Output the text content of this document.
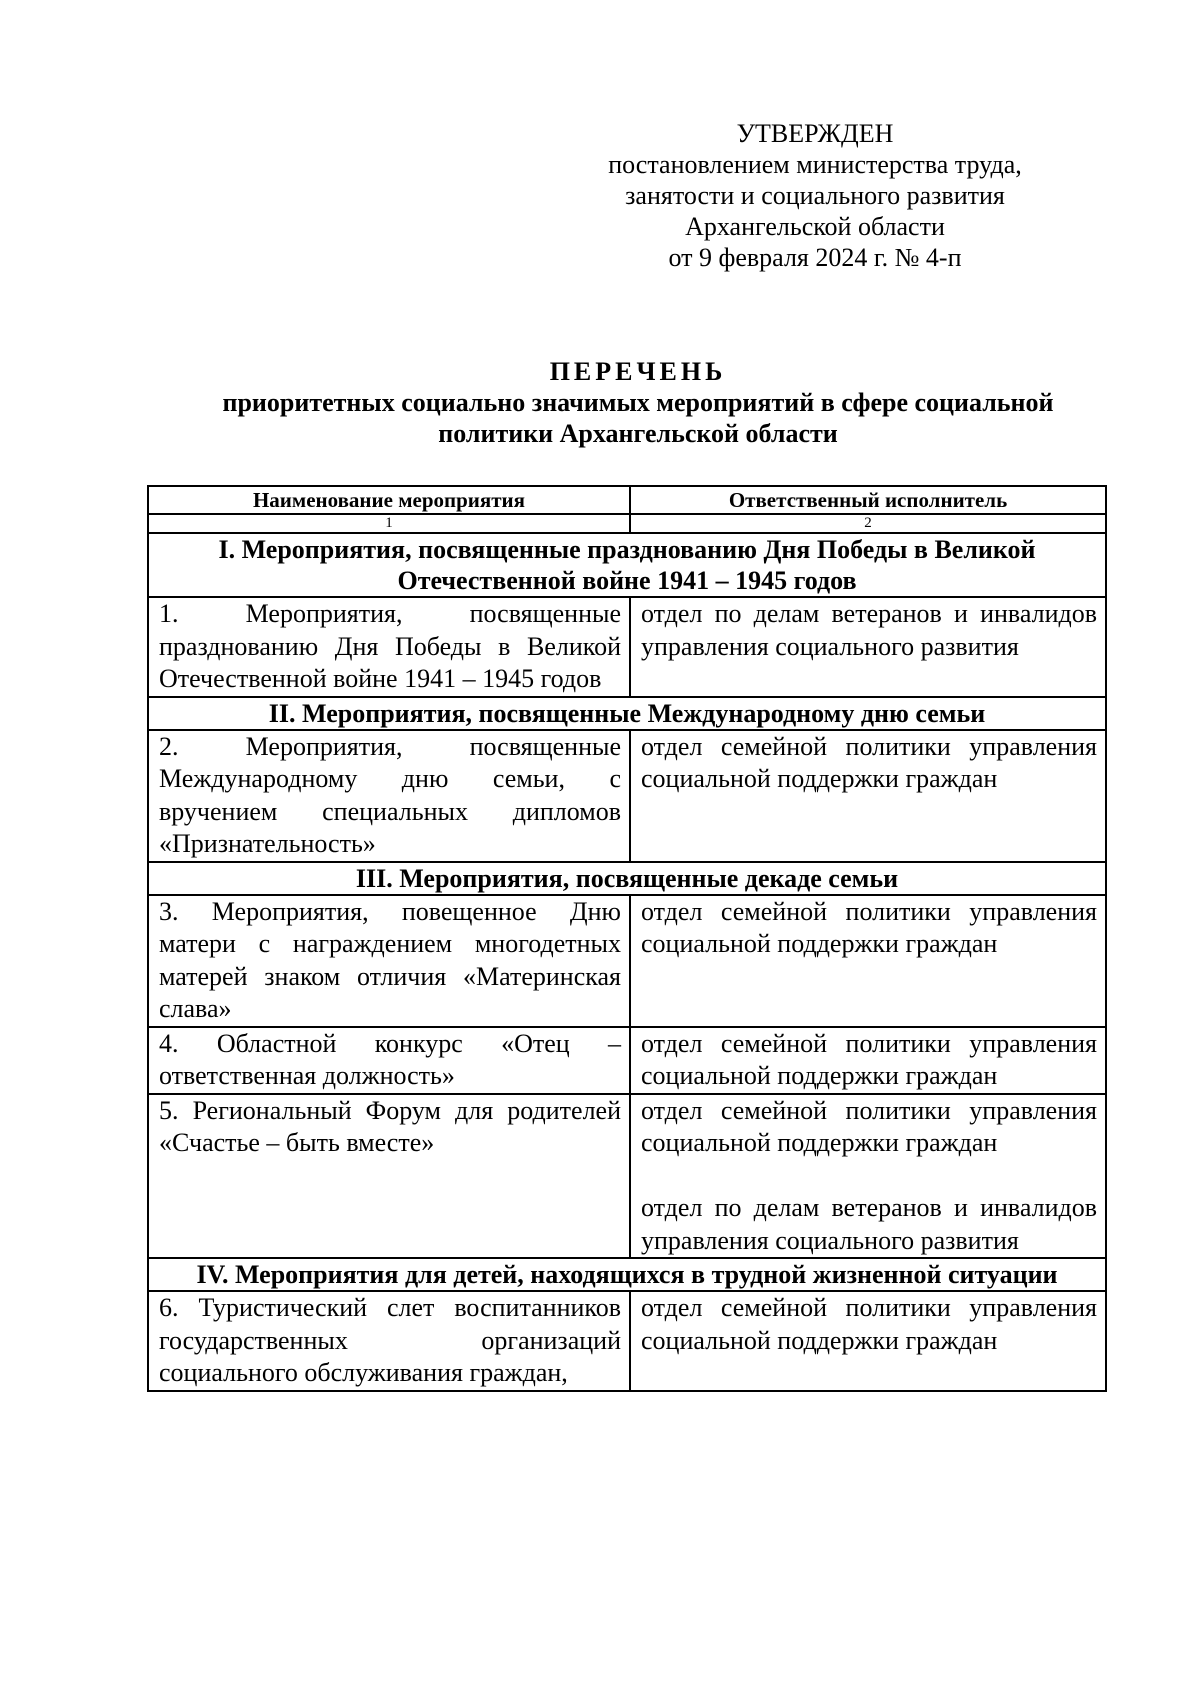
УТВЕРЖДЕН
постановлением министерства труда,
занятости и социального развития
Архангельской области
от 9 февраля 2024 г. № 4-п
ПЕРЕЧЕНЬ
приоритетных социально значимых мероприятий в сфере социальной
политики Архангельской области
Наименование мероприятия	Ответственный исполнитель
1	2
I. Мероприятия, посвященные празднованию Дня Победы в Великой Отечественной войне 1941 – 1945 годов	
1. Мероприятия, посвященные празднованию Дня Победы в Великой Отечественной войне 1941 – 1945 годов	отдел по делам ветеранов и инвалидов управления социального развития

II. Мероприятия, посвященные Международному дню семьи	
2. Мероприятия, посвященные Международному дню семьи, с вручением специальных дипломов «Признательность»	отдел семейной политики управления социальной поддержки граждан

III. Мероприятия, посвященные декаде семьи	
3. Мероприятия, повещенное Дню матери с награждением многодетных матерей знаком отличия «Материнская слава»	отдел семейной политики управления социальной поддержки граждан

4. Областной конкурс «Отец – ответственная должность»	отдел семейной политики управления социальной поддержки граждан

5. Региональный Форум для родителей «Счастье – быть вместе»	отдел семейной политики управления социальной поддержки граждан
отдел по делам ветеранов и инвалидов управления социального развития

IV. Мероприятия для детей, находящихся в трудной жизненной ситуации	
6. Туристический слет воспитанников государственных организаций социального обслуживания граждан,	отдел семейной политики управления социальной поддержки граждан
